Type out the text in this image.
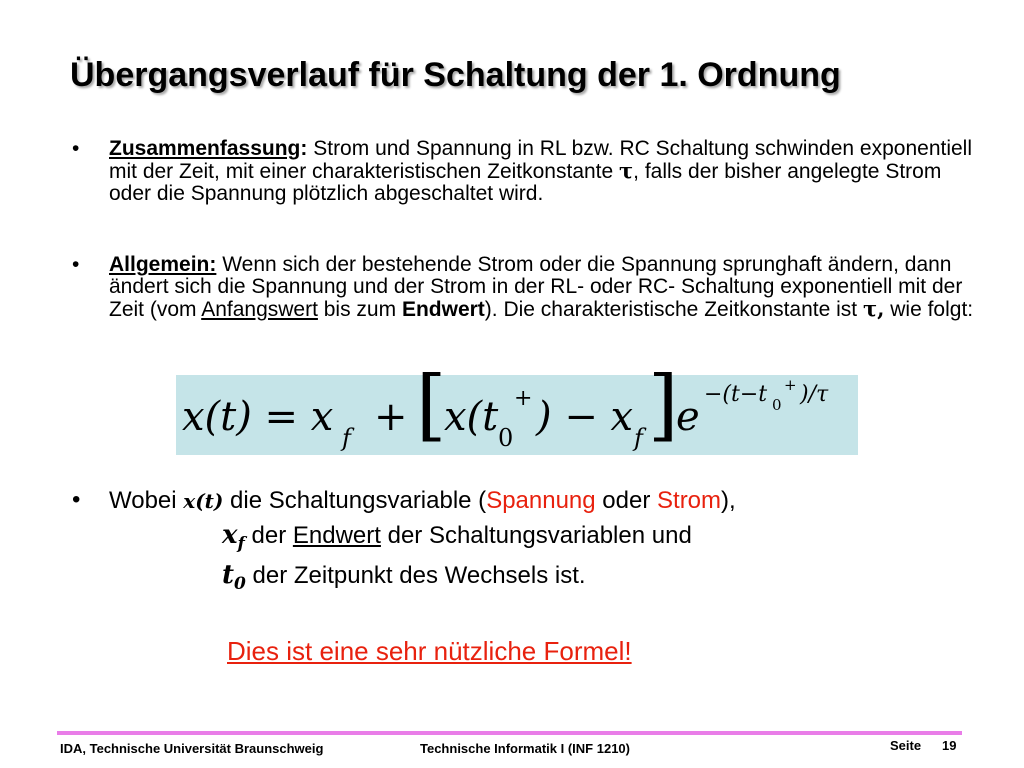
Übergangsverlauf für Schaltung der 1. Ordnung
• Zusammenfassung: Strom und Spannung in RL bzw. RC Schaltung schwinden exponentiell mit der Zeit, mit einer charakteristischen Zeitkonstante τ, falls der bisher angelegte Strom oder die Spannung plötzlich abgeschaltet wird.
• Allgemein: Wenn sich der bestehende Strom oder die Spannung sprunghaft ändern, dann ändert sich die Spannung und der Strom in der RL- oder RC- Schaltung exponentiell mit der Zeit (vom Anfangswert bis zum Endwert). Die charakteristische Zeitkonstante ist τ, wie folgt:
x(t) = x f + [
x(t 0
+ ) − x f ]
e −(t−t 0
+ )/τ
• Wobei x(t) die Schaltungsvariable (Spannung oder Strom),
$x_f$ der Endwert der Schaltungsvariablen und
$t_0$ der Zeitpunkt des Wechsels ist.
Dies ist eine sehr nützliche Formel!
IDA, Technische Universität Braunschweig	Technische Informatik I (INF 1210)	Seite 19
